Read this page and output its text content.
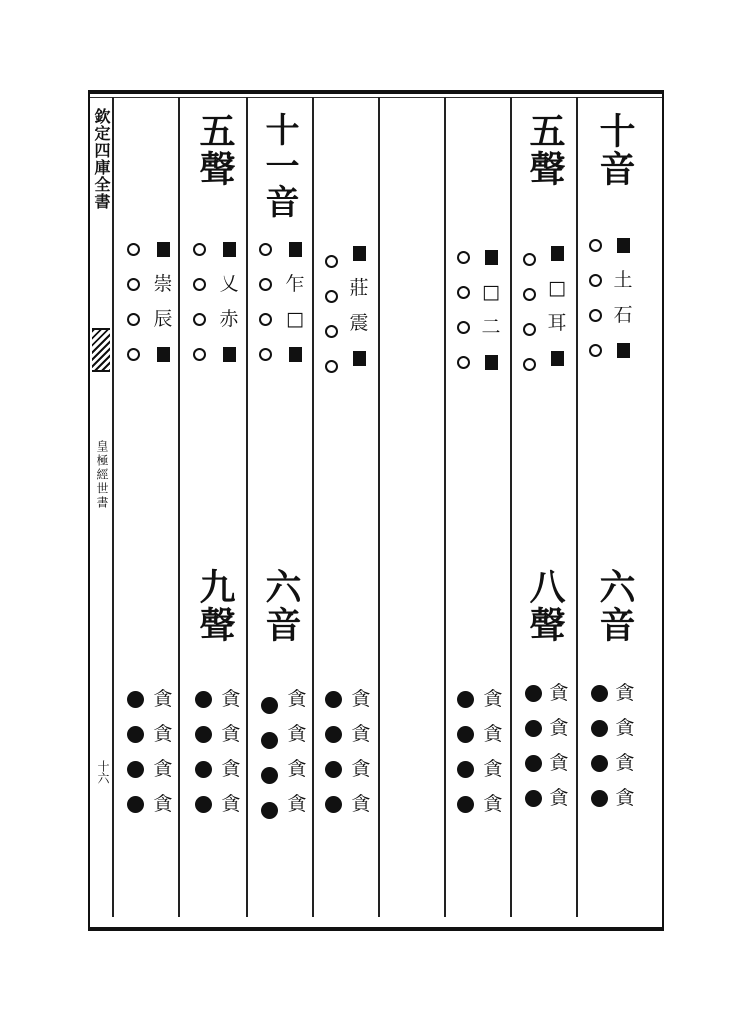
欽定四庫全書
皇極經世書
十六
十音
六音
五聲
八聲
十一音
六音
五聲
九聲
土
石
□
耳
□
二
莊
震
乍
□
乂
赤
崇
辰
貪
貪
貪
貪
貪
貪
貪
貪
貪
貪
貪
貪
貪
貪
貪
貪
貪
貪
貪
貪
貪
貪
貪
貪
貪
貪
貪
貪
